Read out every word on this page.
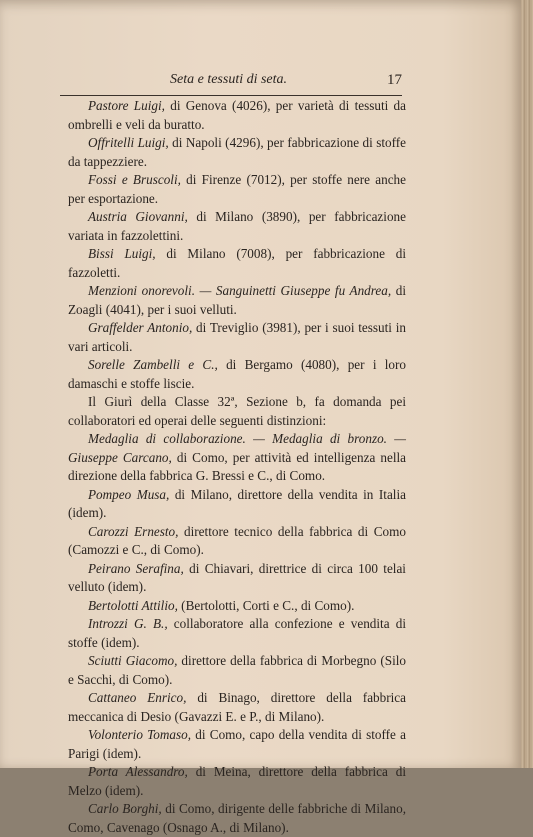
Seta e tessuti di seta.	17
Pastore Luigi, di Genova (4026), per varietà di tessuti da ombrelli e veli da buratto.
Offritelli Luigi, di Napoli (4296), per fabbricazione di stoffe da tappezziere.
Fossi e Bruscoli, di Firenze (7012), per stoffe nere anche per esportazione.
Austria Giovanni, di Milano (3890), per fabbricazione variata in fazzolettini.
Bissi Luigi, di Milano (7008), per fabbricazione di fazzoletti.
Menzioni onorevoli. — Sanguinetti Giuseppe fu Andrea, di Zoagli (4041), per i suoi velluti.
Graffelder Antonio, di Treviglio (3981), per i suoi tessuti in vari articoli.
Sorelle Zambelli e C., di Bergamo (4080), per i loro damaschi e stoffe liscie.
Il Giurì della Classe 32ª, Sezione b, fa domanda pei collaboratori ed operai delle seguenti distinzioni:
Medaglia di collaborazione. — Medaglia di bronzo. — Giuseppe Carcano, di Como, per attività ed intelligenza nella direzione della fabbrica G. Bressi e C., di Como.
Pompeo Musa, di Milano, direttore della vendita in Italia (idem).
Carozzi Ernesto, direttore tecnico della fabbrica di Como (Camozzi e C., di Como).
Peirano Serafina, di Chiavari, direttrice di circa 100 telai velluto (idem).
Bertolotti Attilio, (Bertolotti, Corti e C., di Como).
Introzzi G. B., collaboratore alla confezione e vendita di stoffe (idem).
Sciutti Giacomo, direttore della fabbrica di Morbegno (Silo e Sacchi, di Como).
Cattaneo Enrico, di Binago, direttore della fabbrica meccanica di Desio (Gavazzi E. e P., di Milano).
Volonterio Tomaso, di Como, capo della vendita di stoffe a Parigi (idem).
Porta Alessandro, di Meina, direttore della fabbrica di Melzo (idem).
Carlo Borghi, di Como, dirigente delle fabbriche di Milano, Como, Cavenago (Osnago A., di Milano).
